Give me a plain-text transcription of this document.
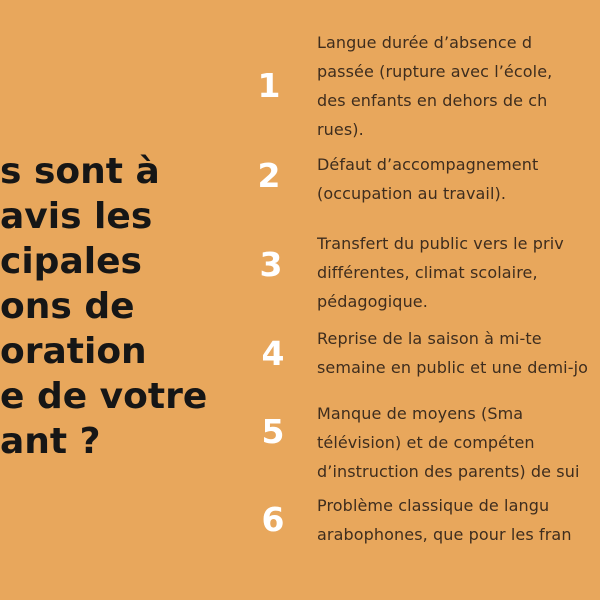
s sont à
avis les
cipales
ons de
oration
e de votre
ant ?
1
Langue durée d’absence d
passée (rupture avec l’école,
des enfants en dehors de ch
rues).
2	Défaut d’accompagnement
(occupation au travail).
3
Transfert du public vers le priv
différentes, climat scolaire,
pédagogique.
4	Reprise de la saison à mi-te
semaine en public et une demi-jo
5	Manque de moyens (Sma
télévision) et de compéten
d’instruction des parents) de sui
6	Problème classique de langu
arabophones, que pour les fran
